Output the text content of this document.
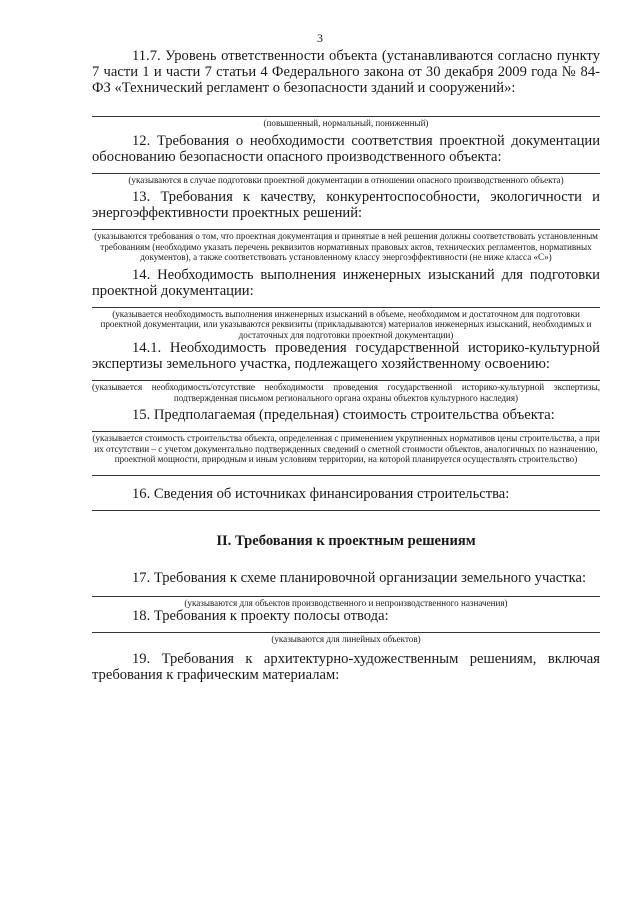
3

11.7. Уровень ответственности объекта (устанавливаются согласно пункту 7 части 1 и части 7 статьи 4 Федерального закона от 30 декабря 2009 года № 84-ФЗ «Технический регламент о безопасности зданий и сооружений»:

(повышенный, нормальный, пониженный)

12. Требования о необходимости соответствия проектной документации обоснованию безопасности опасного производственного объекта:

(указываются в случае подготовки проектной документации в отношении опасного производственного объекта)

13. Требования к качеству, конкурентоспособности, экологичности и энергоэффективности проектных решений:

(указываются требования о том, что проектная документация и принятые в ней решения должны соответствовать установленным требованиям (необходимо указать перечень реквизитов нормативных правовых актов, технических регламентов, нормативных документов), а также соответствовать установленному классу энергоэффективности (не ниже класса «С»)

14. Необходимость выполнения инженерных изысканий для подготовки проектной документации:

(указывается необходимость выполнения инженерных изысканий в объеме, необходимом и достаточном для подготовки проектной документации, или указываются реквизиты (прикладываются) материалов инженерных изысканий, необходимых и достаточных для подготовки проектной документации)

14.1. Необходимость проведения государственной историко-культурной экспертизы земельного участка, подлежащего хозяйственному освоению:

(указывается необходимость/отсутствие необходимости проведения государственной историко-культурной экспертизы, подтвержденная письмом регионального органа охраны объектов культурного наследия)

15. Предполагаемая (предельная) стоимость строительства объекта:

(указывается стоимость строительства объекта, определенная с применением укрупненных нормативов цены строительства, а при их отсутствии – с учетом документально подтвержденных сведений о сметной стоимости объектов, аналогичных по назначению, проектной мощности, природным и иным условиям территории, на которой планируется осуществлять строительство)

16. Сведения об источниках финансирования строительства:

II. Требования к проектным решениям

17. Требования к схеме планировочной организации земельного участка:

(указываются для объектов производственного и непроизводственного назначения)

18. Требования к проекту полосы отвода:

(указываются для линейных объектов)

19. Требования к архитектурно-художественным решениям, включая требования к графическим материалам:
